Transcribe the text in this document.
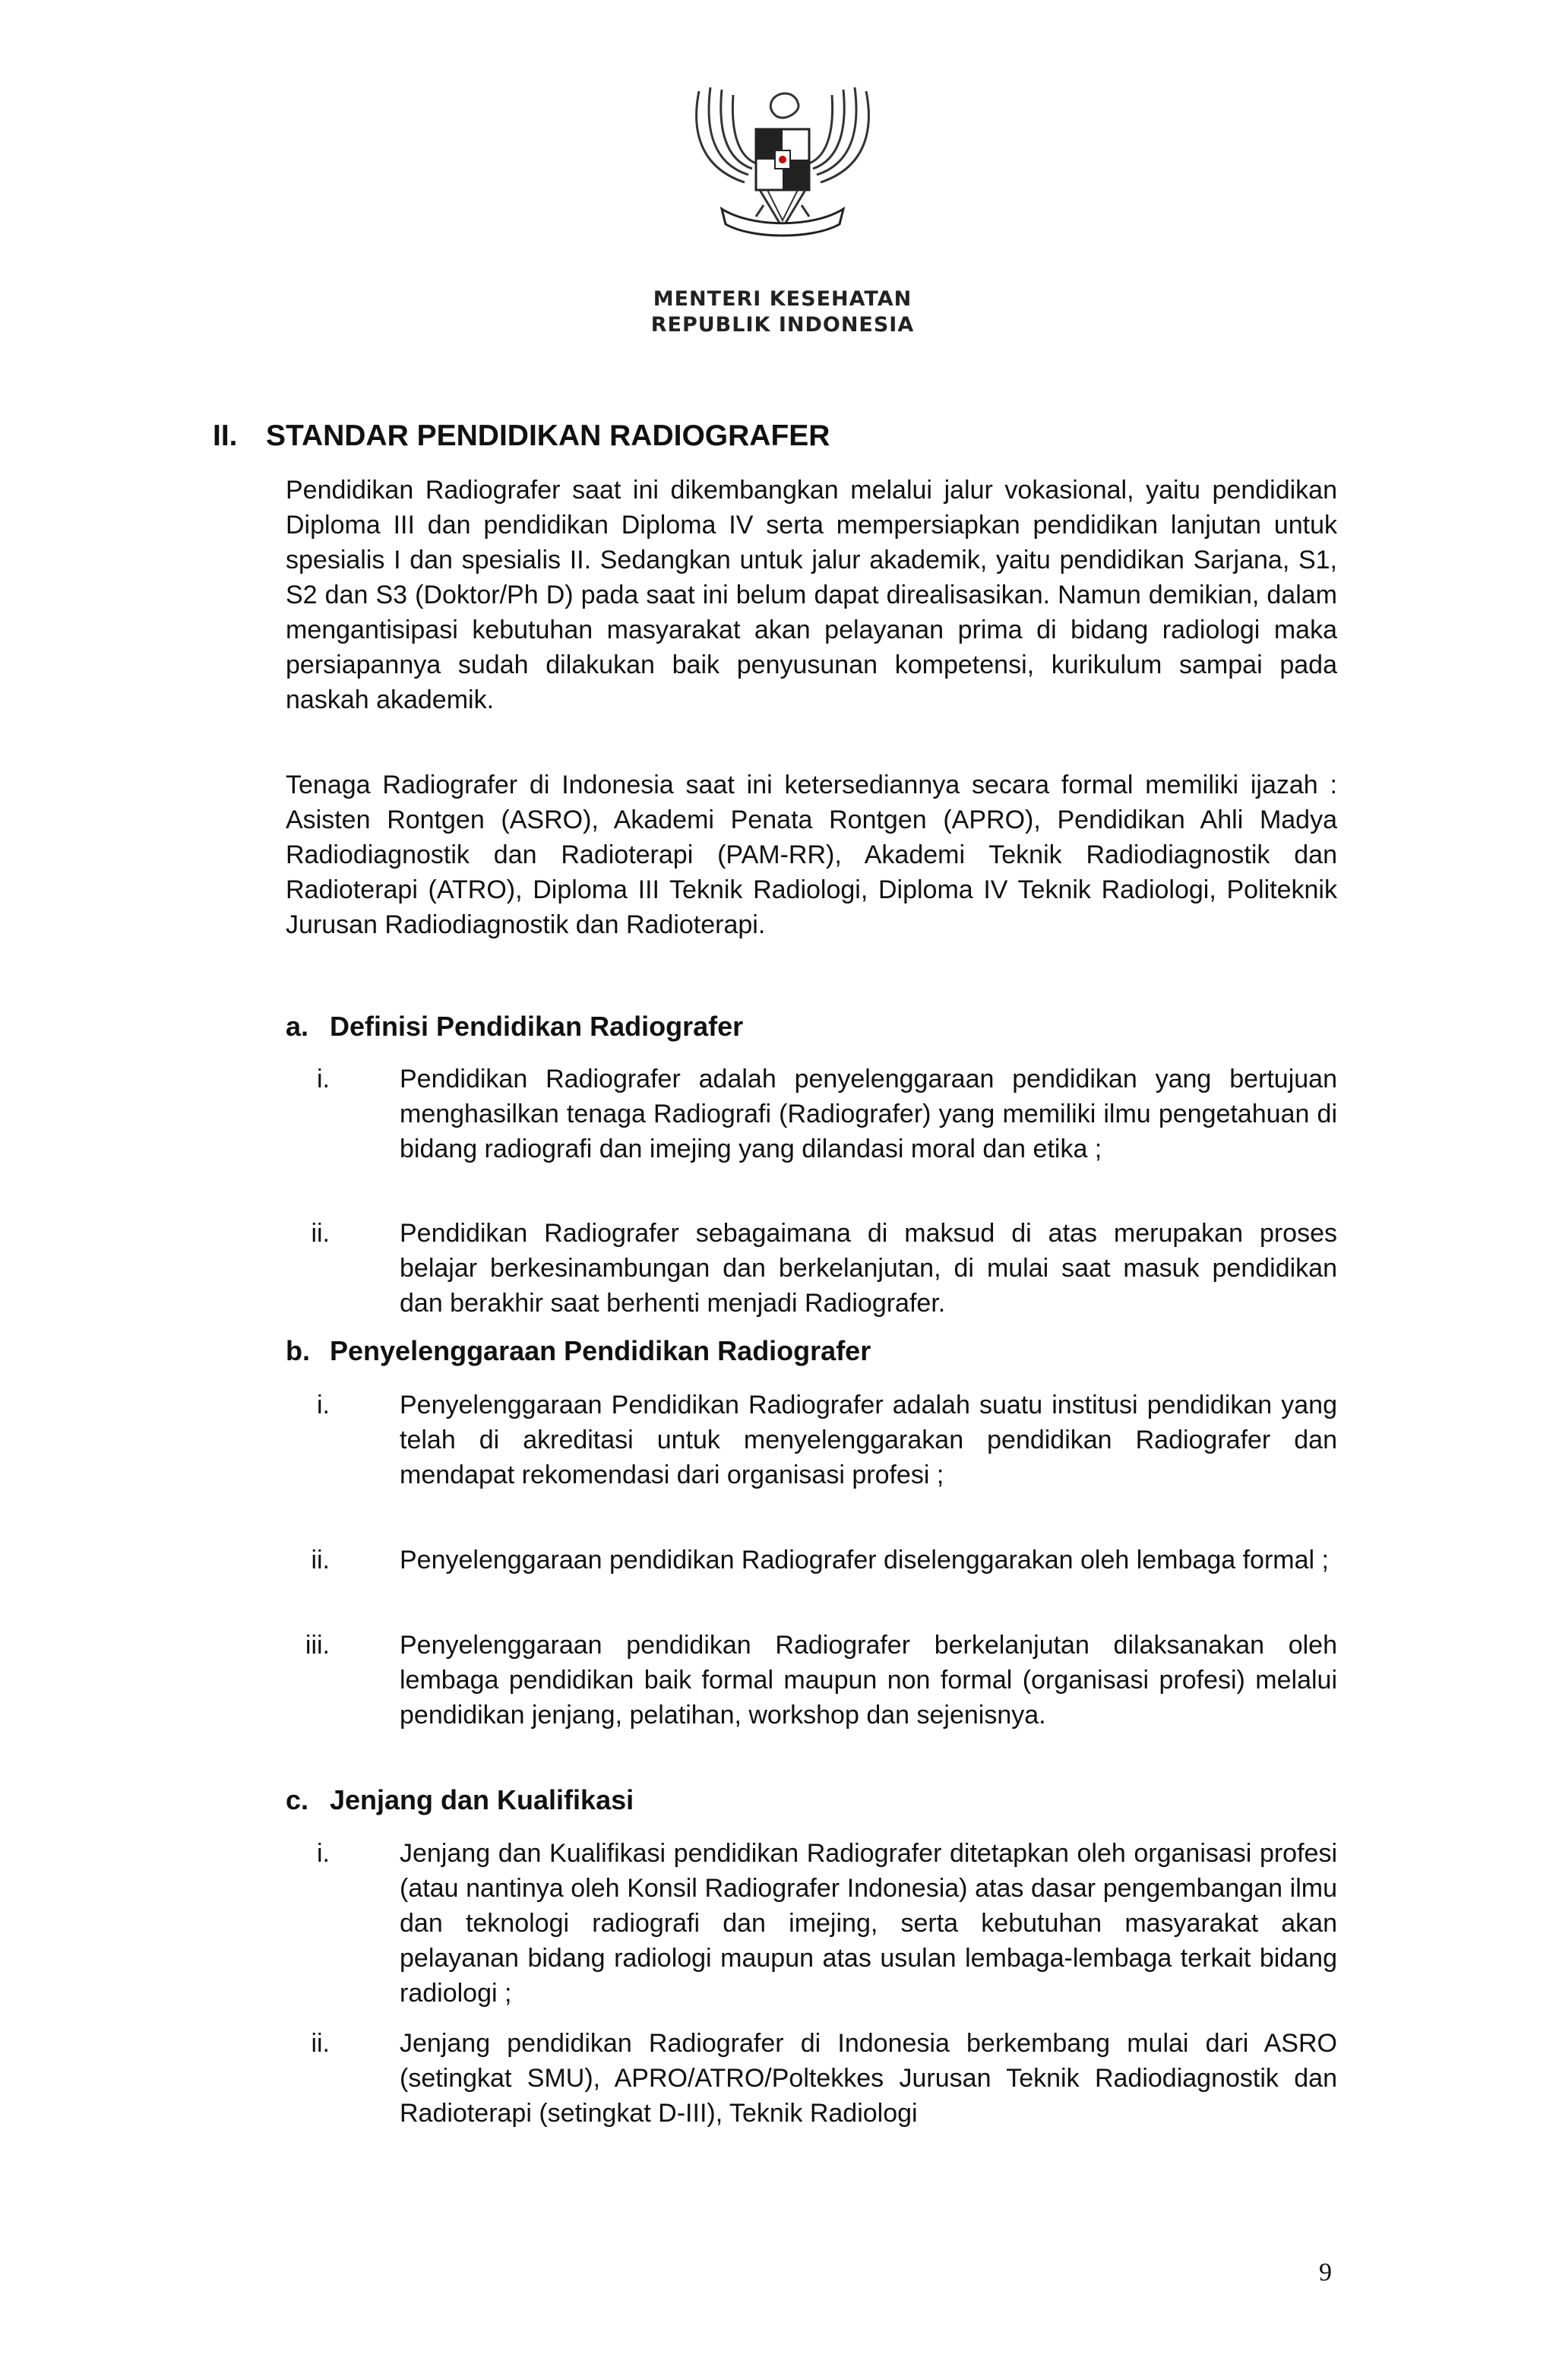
MENTERI KESEHATAN
REPUBLIK INDONESIA
II. STANDAR PENDIDIKAN RADIOGRAFER
Pendidikan Radiografer saat ini dikembangkan melalui jalur vokasional, yaitu pendidikan Diploma III dan pendidikan Diploma IV serta mempersiapkan pendidikan lanjutan untuk spesialis I dan spesialis II. Sedangkan untuk jalur akademik, yaitu pendidikan Sarjana, S1, S2 dan S3 (Doktor/Ph D) pada saat ini belum dapat direalisasikan. Namun demikian, dalam mengantisipasi kebutuhan masyarakat akan pelayanan prima di bidang radiologi maka persiapannya sudah dilakukan baik penyusunan kompetensi, kurikulum sampai pada naskah akademik.
Tenaga Radiografer di Indonesia saat ini ketersediannya secara formal memiliki ijazah : Asisten Rontgen (ASRO), Akademi Penata Rontgen (APRO), Pendidikan Ahli Madya Radiodiagnostik dan Radioterapi (PAM-RR), Akademi Teknik Radiodiagnostik dan Radioterapi (ATRO), Diploma III Teknik Radiologi, Diploma IV Teknik Radiologi, Politeknik Jurusan Radiodiagnostik dan Radioterapi.
a. Definisi Pendidikan Radiografer
i.	Pendidikan Radiografer adalah penyelenggaraan pendidikan yang bertujuan menghasilkan tenaga Radiografi (Radiografer) yang memiliki ilmu pengetahuan di bidang radiografi dan imejing yang dilandasi moral dan etika ;
ii.	Pendidikan Radiografer sebagaimana di maksud di atas merupakan proses belajar berkesinambungan dan berkelanjutan, di mulai saat masuk pendidikan dan berakhir saat berhenti menjadi Radiografer.
b. Penyelenggaraan Pendidikan Radiografer
i.	Penyelenggaraan Pendidikan Radiografer adalah suatu institusi pendidikan yang telah di akreditasi untuk menyelenggarakan pendidikan Radiografer dan mendapat rekomendasi dari organisasi profesi ;
ii.	Penyelenggaraan pendidikan Radiografer diselenggarakan oleh lembaga formal ;
iii.	Penyelenggaraan pendidikan Radiografer berkelanjutan dilaksanakan oleh lembaga pendidikan baik formal maupun non formal (organisasi profesi) melalui pendidikan jenjang, pelatihan, workshop dan sejenisnya.
c. Jenjang dan Kualifikasi
i.	Jenjang dan Kualifikasi pendidikan Radiografer ditetapkan oleh organisasi profesi (atau nantinya oleh Konsil Radiografer Indonesia) atas dasar pengembangan ilmu dan teknologi radiografi dan imejing, serta kebutuhan masyarakat akan pelayanan bidang radiologi maupun atas usulan lembaga-lembaga terkait bidang radiologi ;
ii.	Jenjang pendidikan Radiografer di Indonesia berkembang mulai dari ASRO (setingkat SMU), APRO/ATRO/Poltekkes Jurusan Teknik Radiodiagnostik dan Radioterapi (setingkat D-III), Teknik Radiologi
9
